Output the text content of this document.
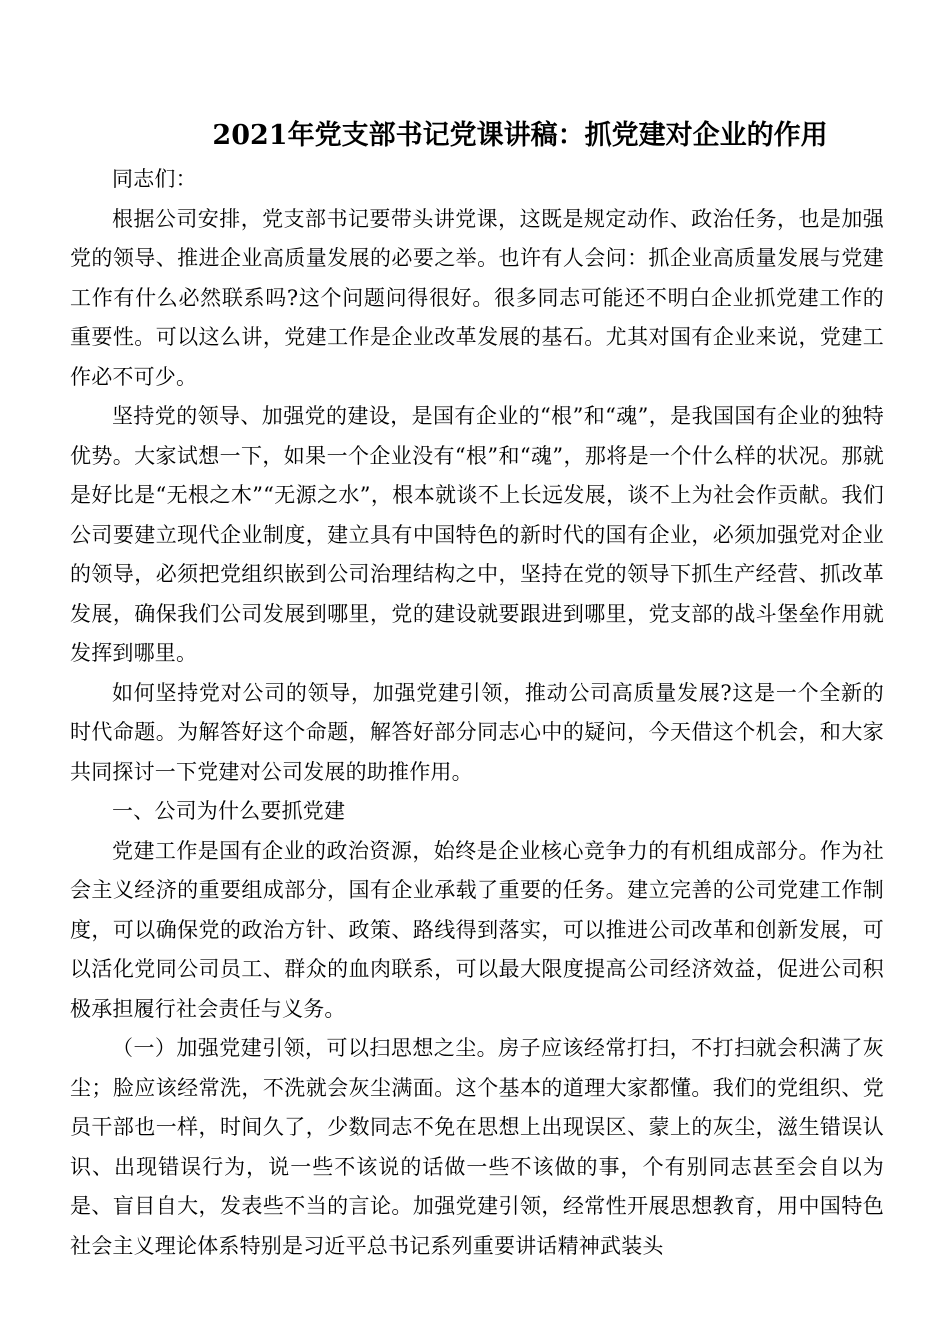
2021年党支部书记党课讲稿：抓党建对企业的作用

同志们：

根据公司安排，党支部书记要带头讲党课，这既是规定动作、政治任务，也是加强党的领导、推进企业高质量发展的必要之举。也许有人会问：抓企业高质量发展与党建工作有什么必然联系吗?这个问题问得很好。很多同志可能还不明白企业抓党建工作的重要性。可以这么讲，党建工作是企业改革发展的基石。尤其对国有企业来说，党建工作必不可少。

坚持党的领导、加强党的建设，是国有企业的“根”和“魂”，是我国国有企业的独特优势。大家试想一下，如果一个企业没有“根”和“魂”，那将是一个什么样的状况。那就是好比是“无根之木”“无源之水”，根本就谈不上长远发展，谈不上为社会作贡献。我们公司要建立现代企业制度，建立具有中国特色的新时代的国有企业，必须加强党对企业的领导，必须把党组织嵌到公司治理结构之中，坚持在党的领导下抓生产经营、抓改革发展，确保我们公司发展到哪里，党的建设就要跟进到哪里，党支部的战斗堡垒作用就发挥到哪里。

如何坚持党对公司的领导，加强党建引领，推动公司高质量发展?这是一个全新的时代命题。为解答好这个命题，解答好部分同志心中的疑问，今天借这个机会，和大家共同探讨一下党建对公司发展的助推作用。

一、公司为什么要抓党建

党建工作是国有企业的政治资源，始终是企业核心竞争力的有机组成部分。作为社会主义经济的重要组成部分，国有企业承载了重要的任务。建立完善的公司党建工作制度，可以确保党的政治方针、政策、路线得到落实，可以推进公司改革和创新发展，可以活化党同公司员工、群众的血肉联系，可以最大限度提高公司经济效益，促进公司积极承担履行社会责任与义务。

（一）加强党建引领，可以扫思想之尘。房子应该经常打扫，不打扫就会积满了灰尘；脸应该经常洗，不洗就会灰尘满面。这个基本的道理大家都懂。我们的党组织、党员干部也一样，时间久了，少数同志不免在思想上出现误区、蒙上的灰尘，滋生错误认识、出现错误行为，说一些不该说的话做一些不该做的事，个有别同志甚至会自以为是、盲目自大，发表些不当的言论。加强党建引领，经常性开展思想教育，用中国特色社会主义理论体系特别是习近平总书记系列重要讲话精神武装头
